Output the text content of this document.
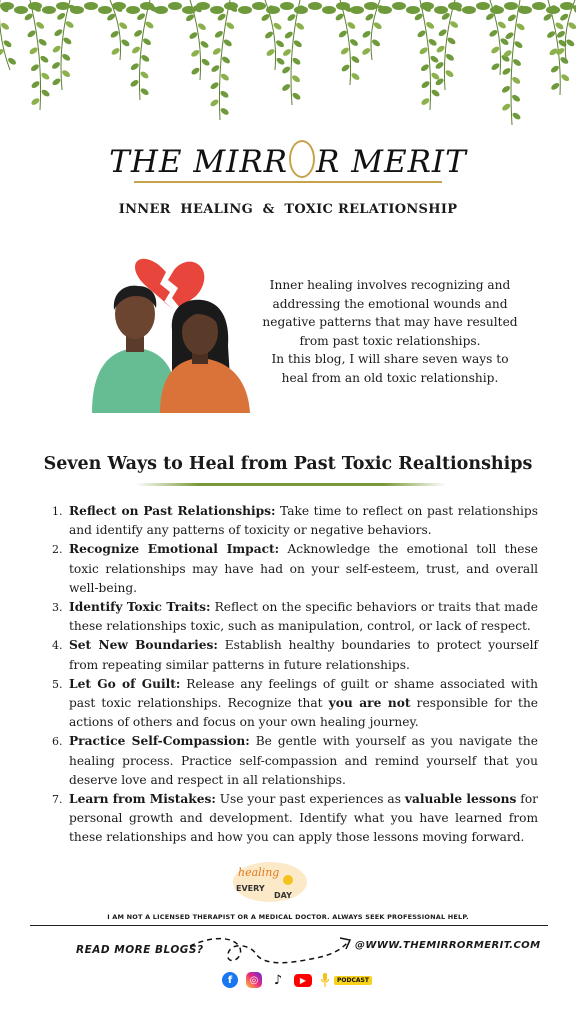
THE MIRR R MERIT
INNER  HEALING  &  TOXIC RELATIONSHIP

Inner healing involves recognizing and

addressing the emotional wounds and

negative patterns that may have resulted

from past toxic relationships.

In this blog, I will share seven ways to

heal from an old toxic relationship.

Seven Ways to Heal from Past Toxic Realtionships
1. Reflect on Past Relationships: Take time to reflect on past relationships and identify any patterns of toxicity or negative behaviors.
2. Recognize Emotional Impact: Acknowledge the emotional toll these toxic relationships may have had on your self-esteem, trust, and overall well-being.
3. Identify Toxic Traits: Reflect on the specific behaviors or traits that made these relationships toxic, such as manipulation, control, or lack of respect.
4. Set New Boundaries: Establish healthy boundaries to protect yourself from repeating similar patterns in future relationships.
5. Let Go of Guilt: Release any feelings of guilt or shame associated with past toxic relationships. Recognize that you are not responsible for the actions of others and focus on your own healing journey.
6. Practice Self-Compassion: Be gentle with yourself as you navigate the healing process. Practice self-compassion and remind yourself that you deserve love and respect in all relationships.
7. Learn from Mistakes: Use your past experiences as valuable lessons for personal growth and development. Identify what you have learned from these relationships and how you can apply those lessons moving forward.
healing
EVERY
DAY
I AM NOT A LICENSED THERAPIST OR A MEDICAL DOCTOR. ALWAYS SEEK PROFESSIONAL HELP.
READ MORE BLOGS?	@WWW.THEMIRRORMERIT.COM
f	◎ ♪	▶	PODCAST
